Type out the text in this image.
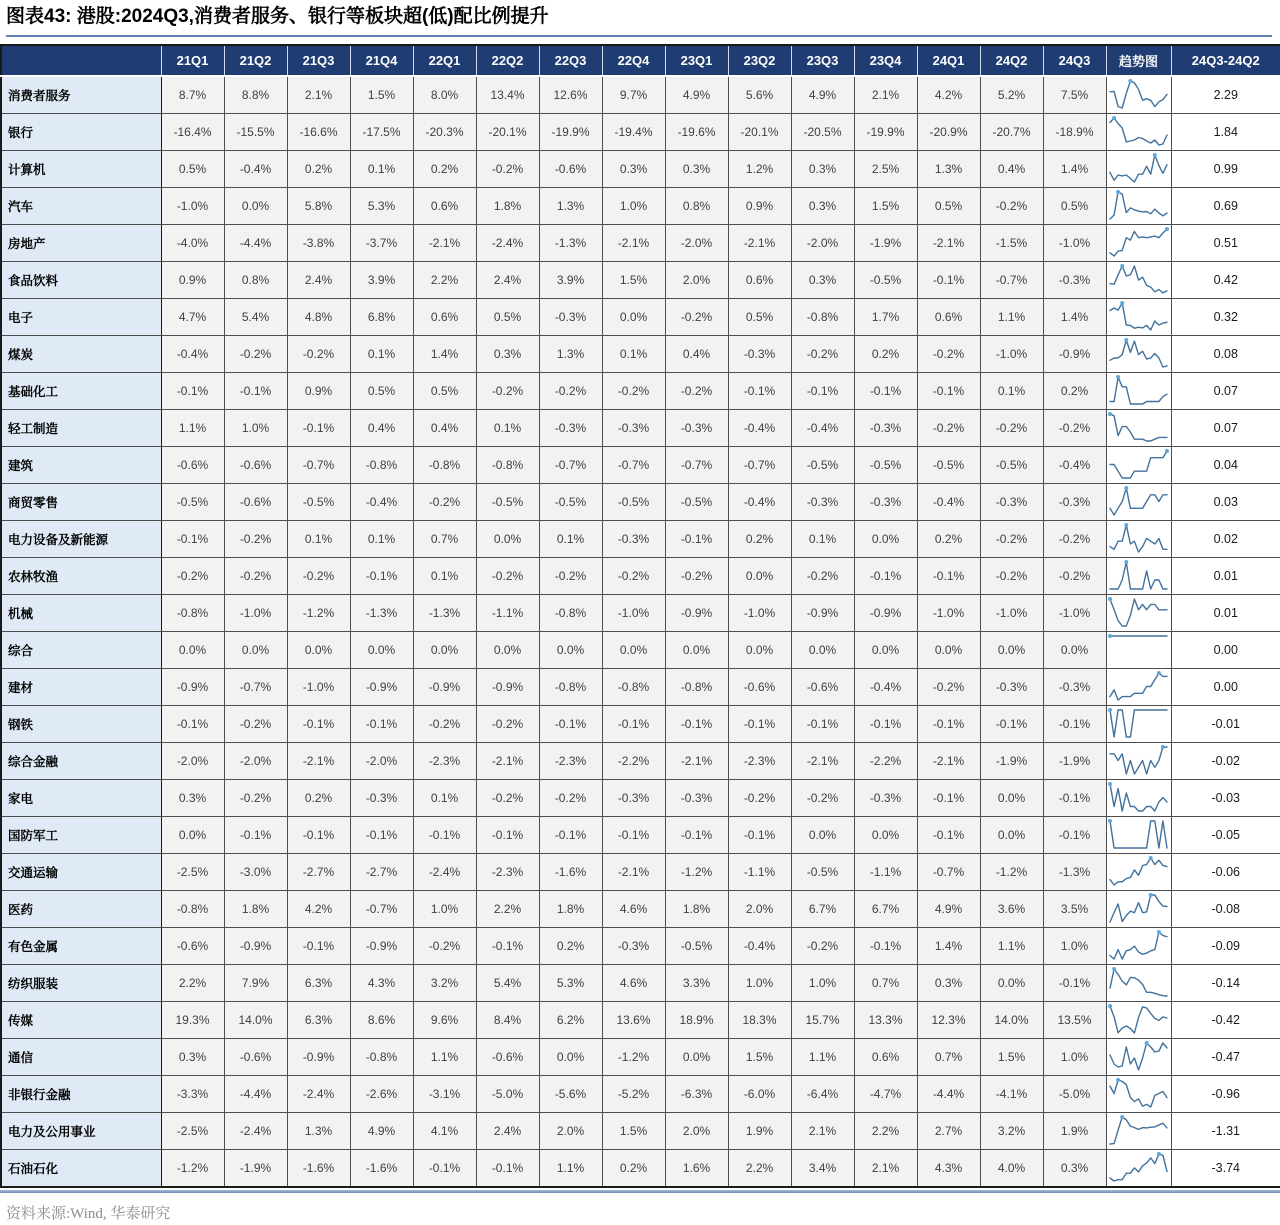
图表43: 港股:2024Q3,消费者服务、银行等板块超(低)配比例提升
	21Q1	21Q2	21Q3	21Q4	22Q1	22Q2	22Q3	22Q4	23Q1	23Q2	23Q3	23Q4	24Q1	24Q2	24Q3	趋势图	24Q3-24Q2
消费者服务	8.7%	8.8%	2.1%	1.5%	8.0%	13.4%	12.6%	9.7%	4.9%	5.6%	4.9%	2.1%	4.2%	5.2%	7.5%		2.29
银行	-16.4%	-15.5%	-16.6%	-17.5%	-20.3%	-20.1%	-19.9%	-19.4%	-19.6%	-20.1%	-20.5%	-19.9%	-20.9%	-20.7%	-18.9%		1.84
计算机	0.5%	-0.4%	0.2%	0.1%	0.2%	-0.2%	-0.6%	0.3%	0.3%	1.2%	0.3%	2.5%	1.3%	0.4%	1.4%		0.99
汽车	-1.0%	0.0%	5.8%	5.3%	0.6%	1.8%	1.3%	1.0%	0.8%	0.9%	0.3%	1.5%	0.5%	-0.2%	0.5%		0.69
房地产	-4.0%	-4.4%	-3.8%	-3.7%	-2.1%	-2.4%	-1.3%	-2.1%	-2.0%	-2.1%	-2.0%	-1.9%	-2.1%	-1.5%	-1.0%		0.51
食品饮料	0.9%	0.8%	2.4%	3.9%	2.2%	2.4%	3.9%	1.5%	2.0%	0.6%	0.3%	-0.5%	-0.1%	-0.7%	-0.3%		0.42
电子	4.7%	5.4%	4.8%	6.8%	0.6%	0.5%	-0.3%	0.0%	-0.2%	0.5%	-0.8%	1.7%	0.6%	1.1%	1.4%		0.32
煤炭	-0.4%	-0.2%	-0.2%	0.1%	1.4%	0.3%	1.3%	0.1%	0.4%	-0.3%	-0.2%	0.2%	-0.2%	-1.0%	-0.9%		0.08
基础化工	-0.1%	-0.1%	0.9%	0.5%	0.5%	-0.2%	-0.2%	-0.2%	-0.2%	-0.1%	-0.1%	-0.1%	-0.1%	0.1%	0.2%		0.07
轻工制造	1.1%	1.0%	-0.1%	0.4%	0.4%	0.1%	-0.3%	-0.3%	-0.3%	-0.4%	-0.4%	-0.3%	-0.2%	-0.2%	-0.2%		0.07
建筑	-0.6%	-0.6%	-0.7%	-0.8%	-0.8%	-0.8%	-0.7%	-0.7%	-0.7%	-0.7%	-0.5%	-0.5%	-0.5%	-0.5%	-0.4%		0.04
商贸零售	-0.5%	-0.6%	-0.5%	-0.4%	-0.2%	-0.5%	-0.5%	-0.5%	-0.5%	-0.4%	-0.3%	-0.3%	-0.4%	-0.3%	-0.3%		0.03
电力设备及新能源	-0.1%	-0.2%	0.1%	0.1%	0.7%	0.0%	0.1%	-0.3%	-0.1%	0.2%	0.1%	0.0%	0.2%	-0.2%	-0.2%		0.02
农林牧渔	-0.2%	-0.2%	-0.2%	-0.1%	0.1%	-0.2%	-0.2%	-0.2%	-0.2%	0.0%	-0.2%	-0.1%	-0.1%	-0.2%	-0.2%		0.01
机械	-0.8%	-1.0%	-1.2%	-1.3%	-1.3%	-1.1%	-0.8%	-1.0%	-0.9%	-1.0%	-0.9%	-0.9%	-1.0%	-1.0%	-1.0%		0.01
综合	0.0%	0.0%	0.0%	0.0%	0.0%	0.0%	0.0%	0.0%	0.0%	0.0%	0.0%	0.0%	0.0%	0.0%	0.0%		0.00
建材	-0.9%	-0.7%	-1.0%	-0.9%	-0.9%	-0.9%	-0.8%	-0.8%	-0.8%	-0.6%	-0.6%	-0.4%	-0.2%	-0.3%	-0.3%		0.00
钢铁	-0.1%	-0.2%	-0.1%	-0.1%	-0.2%	-0.2%	-0.1%	-0.1%	-0.1%	-0.1%	-0.1%	-0.1%	-0.1%	-0.1%	-0.1%		-0.01
综合金融	-2.0%	-2.0%	-2.1%	-2.0%	-2.3%	-2.1%	-2.3%	-2.2%	-2.1%	-2.3%	-2.1%	-2.2%	-2.1%	-1.9%	-1.9%		-0.02
家电	0.3%	-0.2%	0.2%	-0.3%	0.1%	-0.2%	-0.2%	-0.3%	-0.3%	-0.2%	-0.2%	-0.3%	-0.1%	0.0%	-0.1%		-0.03
国防军工	0.0%	-0.1%	-0.1%	-0.1%	-0.1%	-0.1%	-0.1%	-0.1%	-0.1%	-0.1%	0.0%	0.0%	-0.1%	0.0%	-0.1%		-0.05
交通运输	-2.5%	-3.0%	-2.7%	-2.7%	-2.4%	-2.3%	-1.6%	-2.1%	-1.2%	-1.1%	-0.5%	-1.1%	-0.7%	-1.2%	-1.3%		-0.06
医药	-0.8%	1.8%	4.2%	-0.7%	1.0%	2.2%	1.8%	4.6%	1.8%	2.0%	6.7%	6.7%	4.9%	3.6%	3.5%		-0.08
有色金属	-0.6%	-0.9%	-0.1%	-0.9%	-0.2%	-0.1%	0.2%	-0.3%	-0.5%	-0.4%	-0.2%	-0.1%	1.4%	1.1%	1.0%		-0.09
纺织服装	2.2%	7.9%	6.3%	4.3%	3.2%	5.4%	5.3%	4.6%	3.3%	1.0%	1.0%	0.7%	0.3%	0.0%	-0.1%		-0.14
传媒	19.3%	14.0%	6.3%	8.6%	9.6%	8.4%	6.2%	13.6%	18.9%	18.3%	15.7%	13.3%	12.3%	14.0%	13.5%		-0.42
通信	0.3%	-0.6%	-0.9%	-0.8%	1.1%	-0.6%	0.0%	-1.2%	0.0%	1.5%	1.1%	0.6%	0.7%	1.5%	1.0%		-0.47
非银行金融	-3.3%	-4.4%	-2.4%	-2.6%	-3.1%	-5.0%	-5.6%	-5.2%	-6.3%	-6.0%	-6.4%	-4.7%	-4.4%	-4.1%	-5.0%		-0.96
电力及公用事业	-2.5%	-2.4%	1.3%	4.9%	4.1%	2.4%	2.0%	1.5%	2.0%	1.9%	2.1%	2.2%	2.7%	3.2%	1.9%		-1.31
石油石化	-1.2%	-1.9%	-1.6%	-1.6%	-0.1%	-0.1%	1.1%	0.2%	1.6%	2.2%	3.4%	2.1%	4.3%	4.0%	0.3%		-3.74
资料来源:Wind, 华泰研究
